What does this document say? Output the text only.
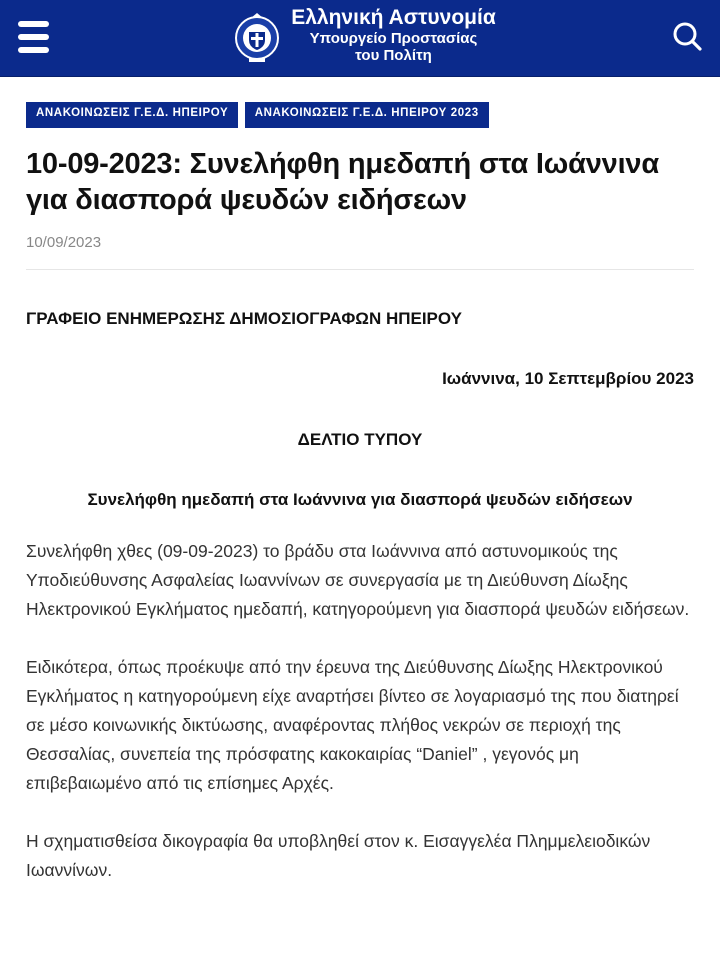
Ελληνική Αστυνομία
Υπουργείο Προστασίας
του Πολίτη
ΑΝΑΚΟΙΝΩΣΕΙΣ Γ.Ε.Δ. ΗΠΕΙΡΟΥ ΑΝΑΚΟΙΝΩΣΕΙΣ Γ.Ε.Δ. ΗΠΕΙΡΟΥ 2023
10-09-2023: Συνελήφθη ημεδαπή στα Ιωάννινα για διασπορά ψευδών ειδήσεων
10/09/2023
ΓΡΑΦΕΙΟ ΕΝΗΜΕΡΩΣΗΣ ΔΗΜΟΣΙΟΓΡΑΦΩΝ ΗΠΕΙΡΟΥ
Ιωάννινα, 10 Σεπτεμβρίου 2023
ΔΕΛΤΙΟ ΤΥΠΟΥ
Συνελήφθη ημεδαπή στα Ιωάννινα για διασπορά ψευδών ειδήσεων

Συνελήφθη χθες (09-09-2023) το βράδυ στα Ιωάννινα από αστυνομικούς της Υποδιεύθυνσης Ασφαλείας Ιωαννίνων σε συνεργασία με τη Διεύθυνση Δίωξης Ηλεκτρονικού Εγκλήματος ημεδαπή, κατηγορούμενη για διασπορά ψευδών ειδήσεων.

Ειδικότερα, όπως προέκυψε από την έρευνα της Διεύθυνσης Δίωξης Ηλεκτρονικού Εγκλήματος η κατηγορούμενη είχε αναρτήσει βίντεο σε λογαριασμό της που διατηρεί σε μέσο κοινωνικής δικτύωσης, αναφέροντας πλήθος νεκρών σε περιοχή της Θεσσαλίας, συνεπεία της πρόσφατης κακοκαιρίας “Daniel” , γεγονός μη επιβεβαιωμένο από τις επίσημες Αρχές.

Η σχηματισθείσα δικογραφία θα υποβληθεί στον κ. Εισαγγελέα Πλημμελειοδικών Ιωαννίνων.
